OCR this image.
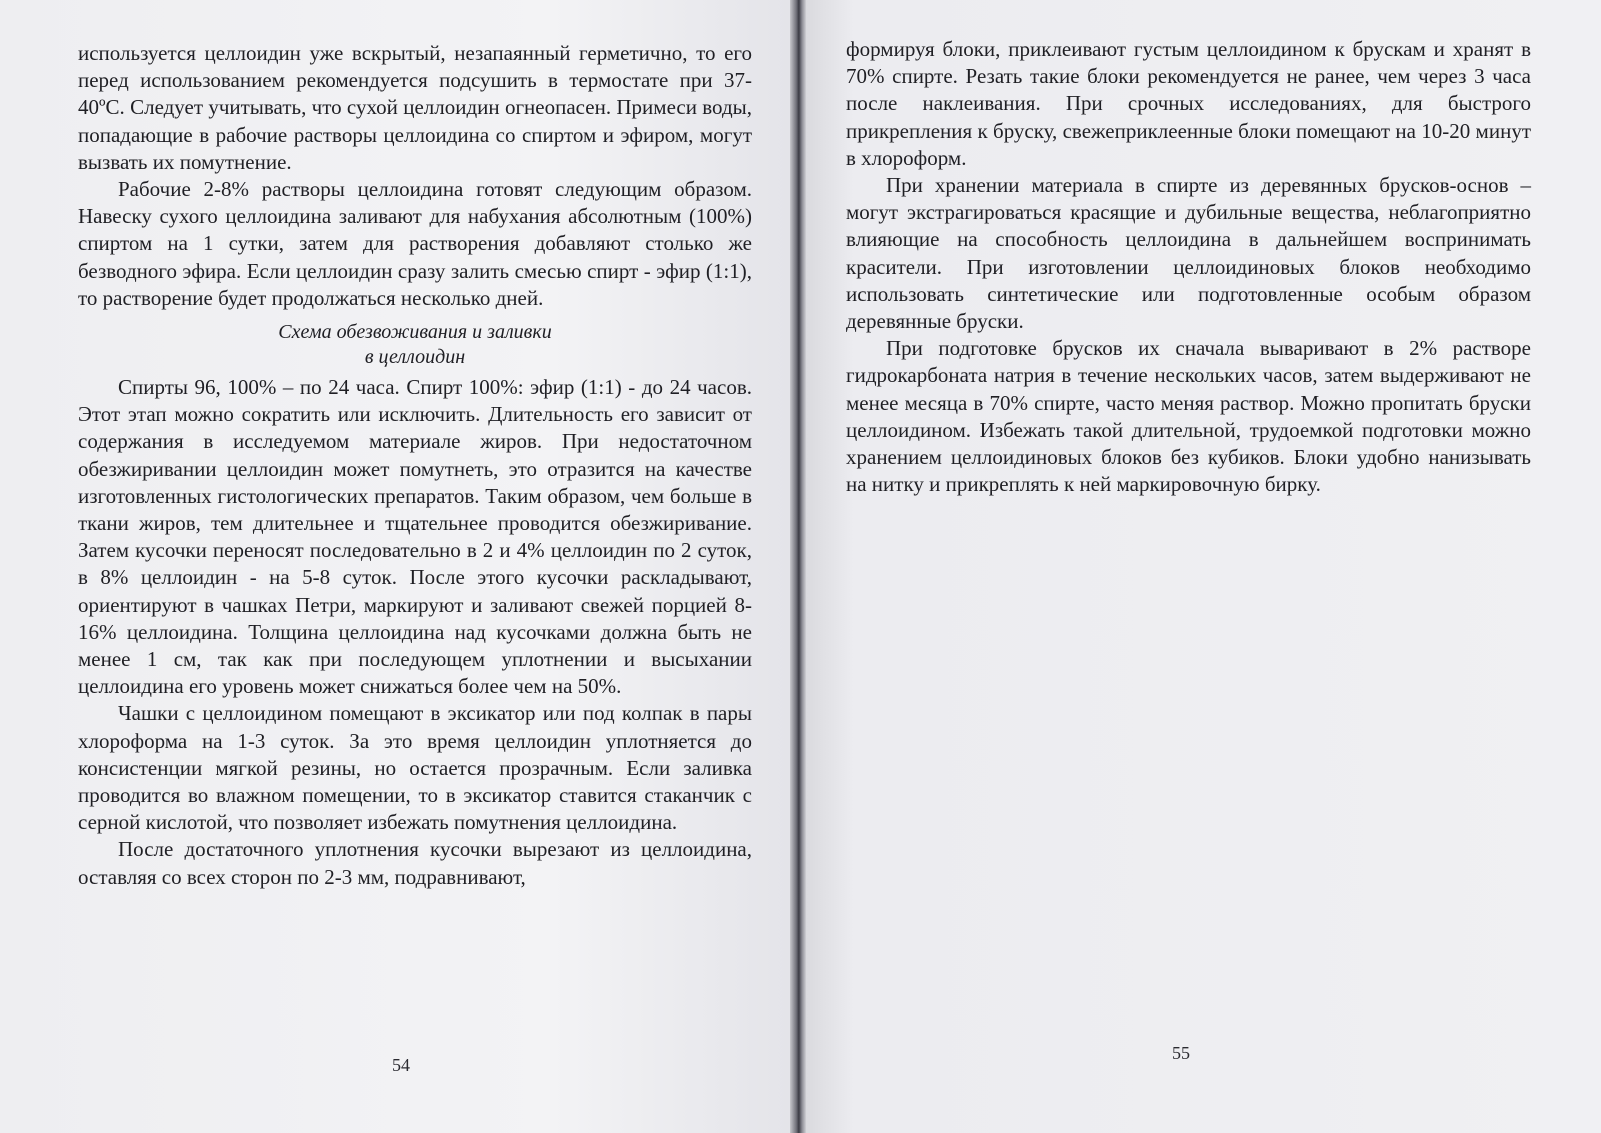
используется целлоидин уже вскрытый, незапаянный герметично, то его перед использованием рекомендуется подсушить в термостате при 37-40ºС. Следует учитывать, что сухой целлоидин огнеопасен. Примеси воды, попадающие в рабочие растворы целлоидина со спиртом и эфиром, могут вызвать их помутнение.

Рабочие 2-8% растворы целлоидина готовят следующим образом. Навеску сухого целлоидина заливают для набухания абсолютным (100%) спиртом на 1 сутки, затем для растворения добавляют столько же безводного эфира. Если целлоидин сразу залить смесью спирт - эфир (1:1), то растворение будет продолжаться несколько дней.

Схема обезвоживания и заливки
в целлоидин

Спирты 96, 100% – по 24 часа. Спирт 100%: эфир (1:1) - до 24 часов. Этот этап можно сократить или исключить. Длительность его зависит от содержания в исследуемом материале жиров. При недостаточном обезжиривании целлоидин может помутнеть, это отразится на качестве изготовленных гистологических препаратов. Таким образом, чем больше в ткани жиров, тем длительнее и тщательнее проводится обезжиривание. Затем кусочки переносят последовательно в 2 и 4% целлоидин по 2 суток, в 8% целлоидин - на 5-8 суток. После этого кусочки раскладывают, ориентируют в чашках Петри, маркируют и заливают свежей порцией 8-16% целлоидина. Толщина целлоидина над кусочками должна быть не менее 1 см, так как при последующем уплотнении и высыхании целлоидина его уровень может снижаться более чем на 50%.

Чашки с целлоидином помещают в эксикатор или под колпак в пары хлороформа на 1-3 суток. За это время целлоидин уплотняется до консистенции мягкой резины, но остается прозрачным. Если заливка проводится во влажном помещении, то в эксикатор ставится стаканчик с серной кислотой, что позволяет избежать помутнения целлоидина.

После достаточного уплотнения кусочки вырезают из целлоидина, оставляя со всех сторон по 2-3 мм, подравнивают,

54

формируя блоки, приклеивают густым целлоидином к брускам и хранят в 70% спирте. Резать такие блоки рекомендуется не ранее, чем через 3 часа после наклеивания. При срочных исследованиях, для быстрого прикрепления к бруску, свежеприклеенные блоки помещают на 10-20 минут в хлороформ.

При хранении материала в спирте из деревянных брусков-оснoв – могут экстрагироваться красящие и дубильные вещества, неблагоприятно влияющие на способность целлоидина в дальнейшем воспринимать красители. При изготовлении целлоидиновых блоков необходимо использовать синтетические или подготовленные особым образом деревянные бруски.

При подготовке брусков их сначала вываривают в 2% растворе гидрокарбоната натрия в течение нескольких часов, затем выдерживают не менее месяца в 70% спирте, часто меняя раствор. Можно пропитать бруски целлоидином. Избежать такой длительной, трудоемкой подготовки можно хранением целлоидиновых блоков без кубиков. Блоки удобно нанизывать на нитку и прикреплять к ней маркировочную бирку.

55
